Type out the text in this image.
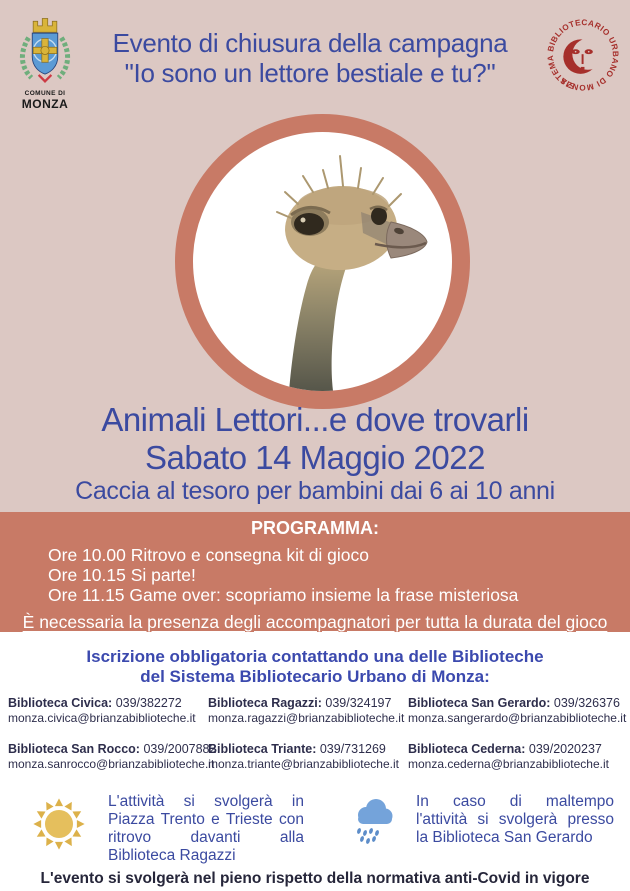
COMUNE DI
MONZA
Evento di chiusura della campagna
"Io sono un lettore bestiale e tu?"	SISTEMA BIBLIOTECARIO URBANO DI MONZA
Animali Lettori...e dove trovarli
Sabato 14 Maggio 2022
Caccia al tesoro per bambini dai 6 ai 10 anni
PROGRAMMA:
Ore 10.00 Ritrovo e consegna kit di gioco
Ore 10.15 Si parte!
Ore 11.15 Game over: scopriamo insieme la frase misteriosa
È necessaria la presenza degli accompagnatori per tutta la durata del gioco
Iscrizione obbligatoria contattando una delle Biblioteche
del Sistema Bibliotecario Urbano di Monza:
Biblioteca Civica: 039/382272
monza.civica@brianzabiblioteche.it
Biblioteca Ragazzi: 039/324197
monza.ragazzi@brianzabiblioteche.it
Biblioteca San Gerardo: 039/326376
monza.sangerardo@brianzabiblioteche.it
Biblioteca San Rocco: 039/2007882
monza.sanrocco@brianzabiblioteche.it
Biblioteca Triante: 039/731269
monza.triante@brianzabiblioteche.it
Biblioteca Cederna: 039/2020237
monza.cederna@brianzabiblioteche.it
L'attività si svolgerà in
Piazza Trento e Trieste con
ritrovo davanti alla
Biblioteca Ragazzi
In caso di maltempo
l'attività si svolgerà presso
la Biblioteca San Gerardo
L'evento si svolgerà nel pieno rispetto della normativa anti-Covid in vigore
